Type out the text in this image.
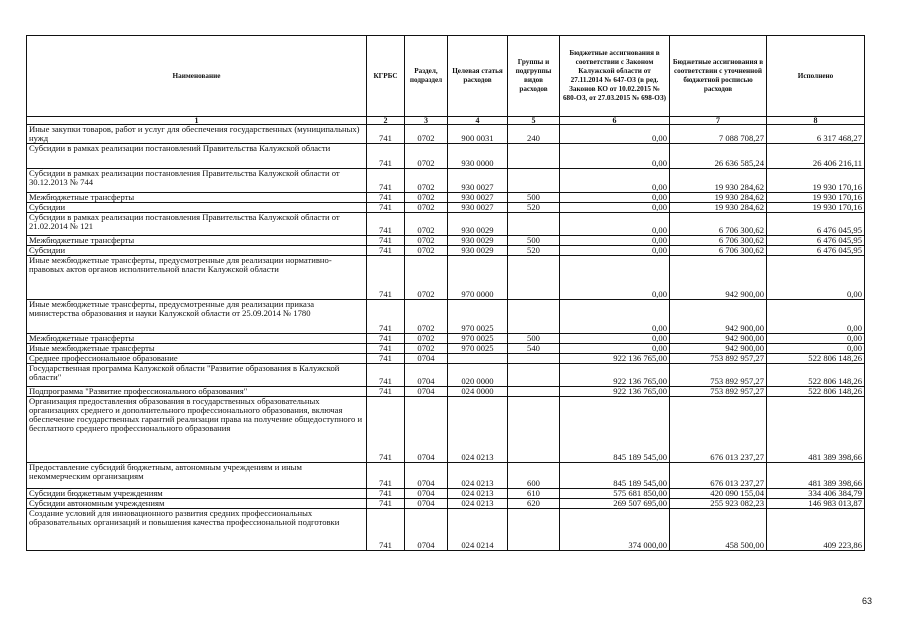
Наименование	КГРБС	Раздел, подраздел	Целевая статья расходов	Группы и подгруппы видов расходов	Бюджетные ассигнования в соответствии с Законом Калужской области от 27.11.2014 № 647-ОЗ (в ред. Законов КО от 10.02.2015 № 680-ОЗ, от 27.03.2015 № 698-ОЗ)	Бюджетные ассигнования в соответствии с уточненной бюджетной росписью расходов	Исполнено
1	2	3	4	5	6	7	8
Иные закупки товаров, работ и услуг для обеспечения государственных (муниципальных) нужд	741	0702	900 0031	240	0,00	7 088 708,27	6 317 468,27
Субсидии в рамках реализации постановлений Правительства Калужской области	741	0702	930 0000		0,00	26 636 585,24	26 406 216,11
Субсидии в рамках реализации постановления Правительства Калужской области от 30.12.2013 № 744	741	0702	930 0027		0,00	19 930 284,62	19 930 170,16
Межбюджетные трансферты	741	0702	930 0027	500	0,00	19 930 284,62	19 930 170,16
Субсидии	741	0702	930 0027	520	0,00	19 930 284,62	19 930 170,16
Субсидии в рамках реализации постановления Правительства Калужской области от 21.02.2014 № 121	741	0702	930 0029		0,00	6 706 300,62	6 476 045,95
Межбюджетные трансферты	741	0702	930 0029	500	0,00	6 706 300,62	6 476 045,95
Субсидии	741	0702	930 0029	520	0,00	6 706 300,62	6 476 045,95
Иные межбюджетные трансферты, предусмотренные для реализации нормативно-правовых актов органов исполнительной власти Калужской области	741	0702	970 0000		0,00	942 900,00	0,00
Иные межбюджетные трансферты, предусмотренные для реализации приказа министерства образования и науки Калужской области от 25.09.2014 № 1780	741	0702	970 0025		0,00	942 900,00	0,00
Межбюджетные трансферты	741	0702	970 0025	500	0,00	942 900,00	0,00
Иные межбюджетные трансферты	741	0702	970 0025	540	0,00	942 900,00	0,00
Среднее профессиональное образование	741	0704			922 136 765,00	753 892 957,27	522 806 148,26
Государственная программа Калужской области "Развитие образования в Калужской области"	741	0704	020 0000		922 136 765,00	753 892 957,27	522 806 148,26
Подпрограмма "Развитие профессионального образования"	741	0704	024 0000		922 136 765,00	753 892 957,27	522 806 148,26
Организация предоставления образования в государственных образовательных организациях среднего и дополнительного профессионального образования, включая обеспечение государственных гарантий реализации права на получение общедоступного и бесплатного среднего профессионального образования	741	0704	024 0213		845 189 545,00	676 013 237,27	481 389 398,66
Предоставление субсидий бюджетным, автономным учреждениям и иным некоммерческим организациям	741	0704	024 0213	600	845 189 545,00	676 013 237,27	481 389 398,66
Субсидии бюджетным учреждениям	741	0704	024 0213	610	575 681 850,00	420 090 155,04	334 406 384,79
Субсидии автономным учреждениям	741	0704	024 0213	620	269 507 695,00	255 923 082,23	146 983 013,87
Создание условий для инновационного развития средних профессиональных образовательных организаций и повышения качества профессиональной подготовки	741	0704	024 0214		374 000,00	458 500,00	409 223,86
63
